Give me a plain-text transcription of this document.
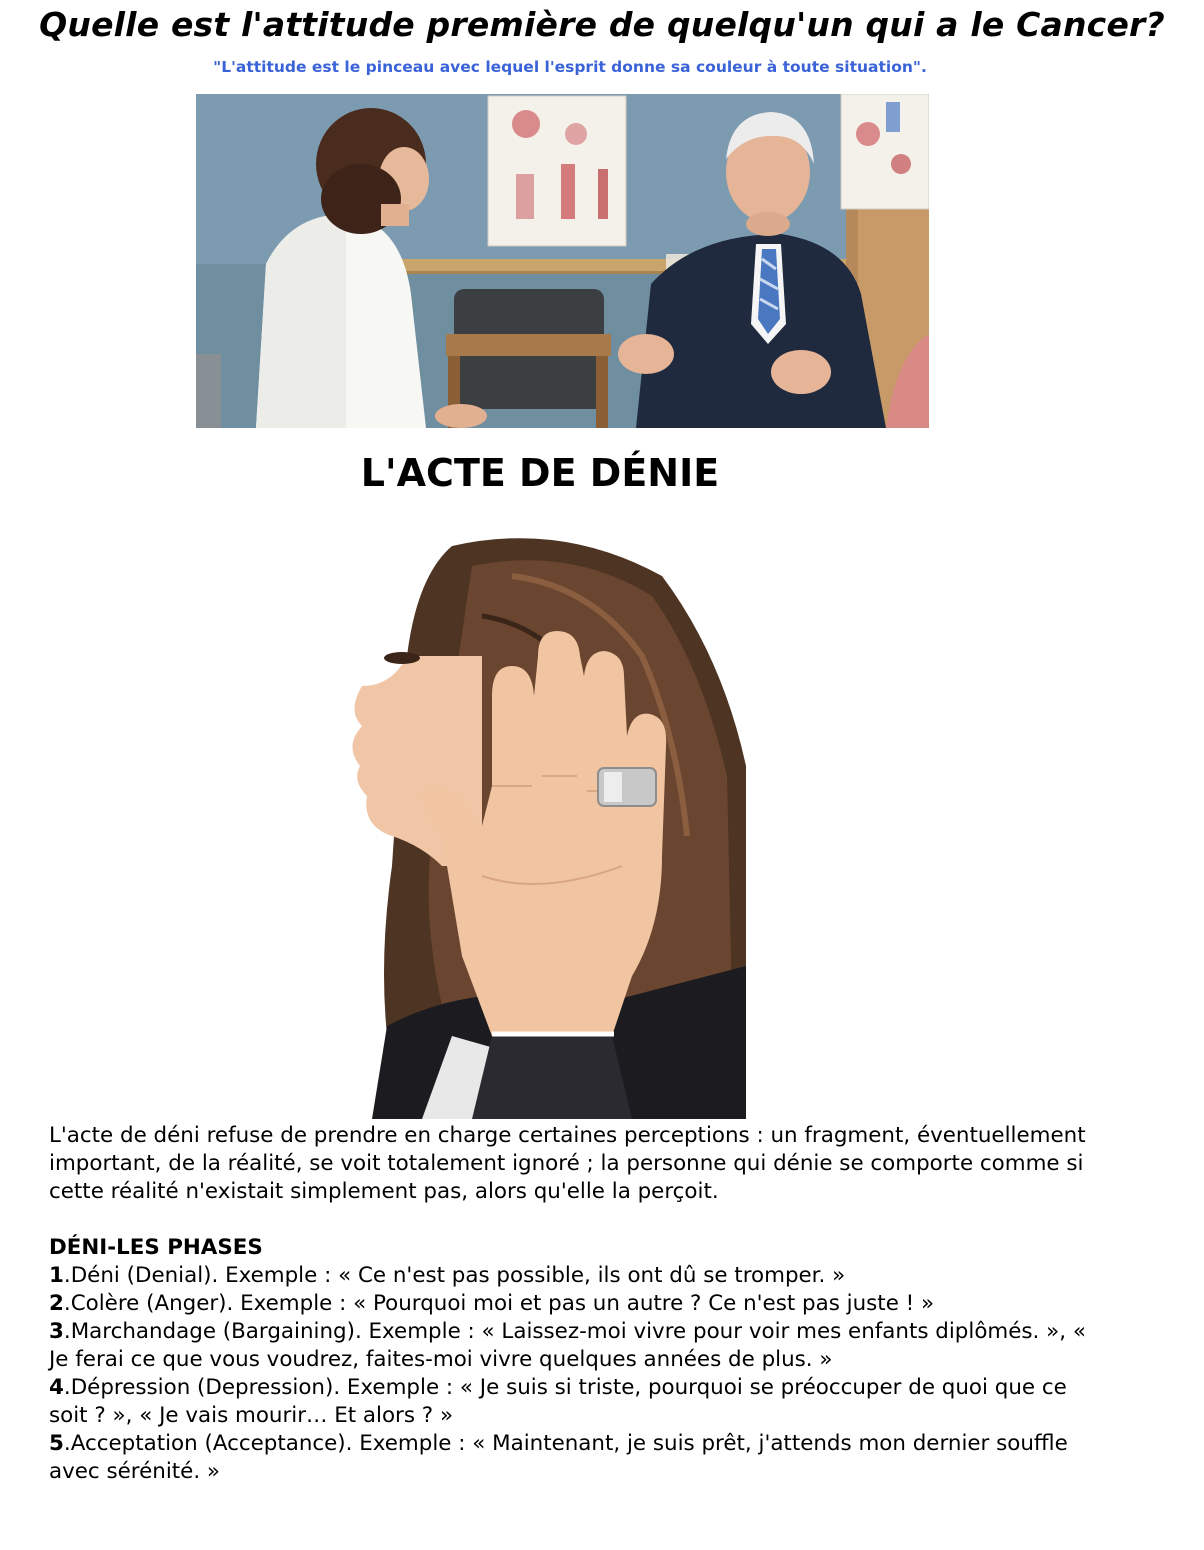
Quelle est l'attitude première de quelqu'un qui a le Cancer?

"L'attitude est le pinceau avec lequel l'esprit donne sa couleur à toute situation".

L'ACTE DE DÉNIE

L'acte de déni refuse de prendre en charge certaines perceptions : un fragment, éventuellement important, de la réalité, se voit totalement ignoré ; la personne qui dénie se comporte comme si cette réalité n'existait simplement pas, alors qu'elle la perçoit.

DÉNI-LES PHASES

1.Déni (Denial). Exemple : « Ce n'est pas possible, ils ont dû se tromper. »

2.Colère (Anger). Exemple : « Pourquoi moi et pas un autre ? Ce n'est pas juste ! »

3.Marchandage (Bargaining). Exemple : « Laissez-moi vivre pour voir mes enfants diplômés. », « Je ferai ce que vous voudrez, faites-moi vivre quelques années de plus. »

4.Dépression (Depression). Exemple : « Je suis si triste, pourquoi se préoccuper de quoi que ce soit ? », « Je vais mourir… Et alors ? »

5.Acceptation (Acceptance). Exemple : « Maintenant, je suis prêt, j'attends mon dernier souffle avec sérénité. »
